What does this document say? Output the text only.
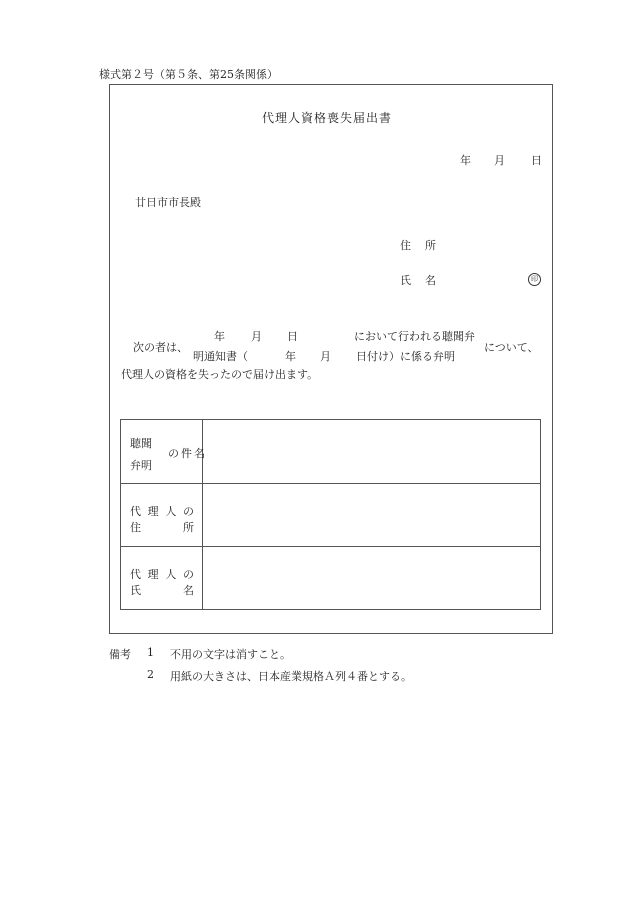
様式第２号（第５条、第25条関係）
代理人資格喪失届出書
年 月 日
廿日市市長殿
住 所
氏 名	印
次の者は、
年 月 日	において行われる聴聞弁
明通知書（	年 月 日付け）に係る弁明
について、
代理人の資格を失ったので届け出ます。
聴聞
弁明
の件名
代 理 人 の
住	所
代 理 人 の
氏	名
備考 1 不用の文字は消すこと。
2 用紙の大きさは、日本産業規格Ａ列４番とする。
